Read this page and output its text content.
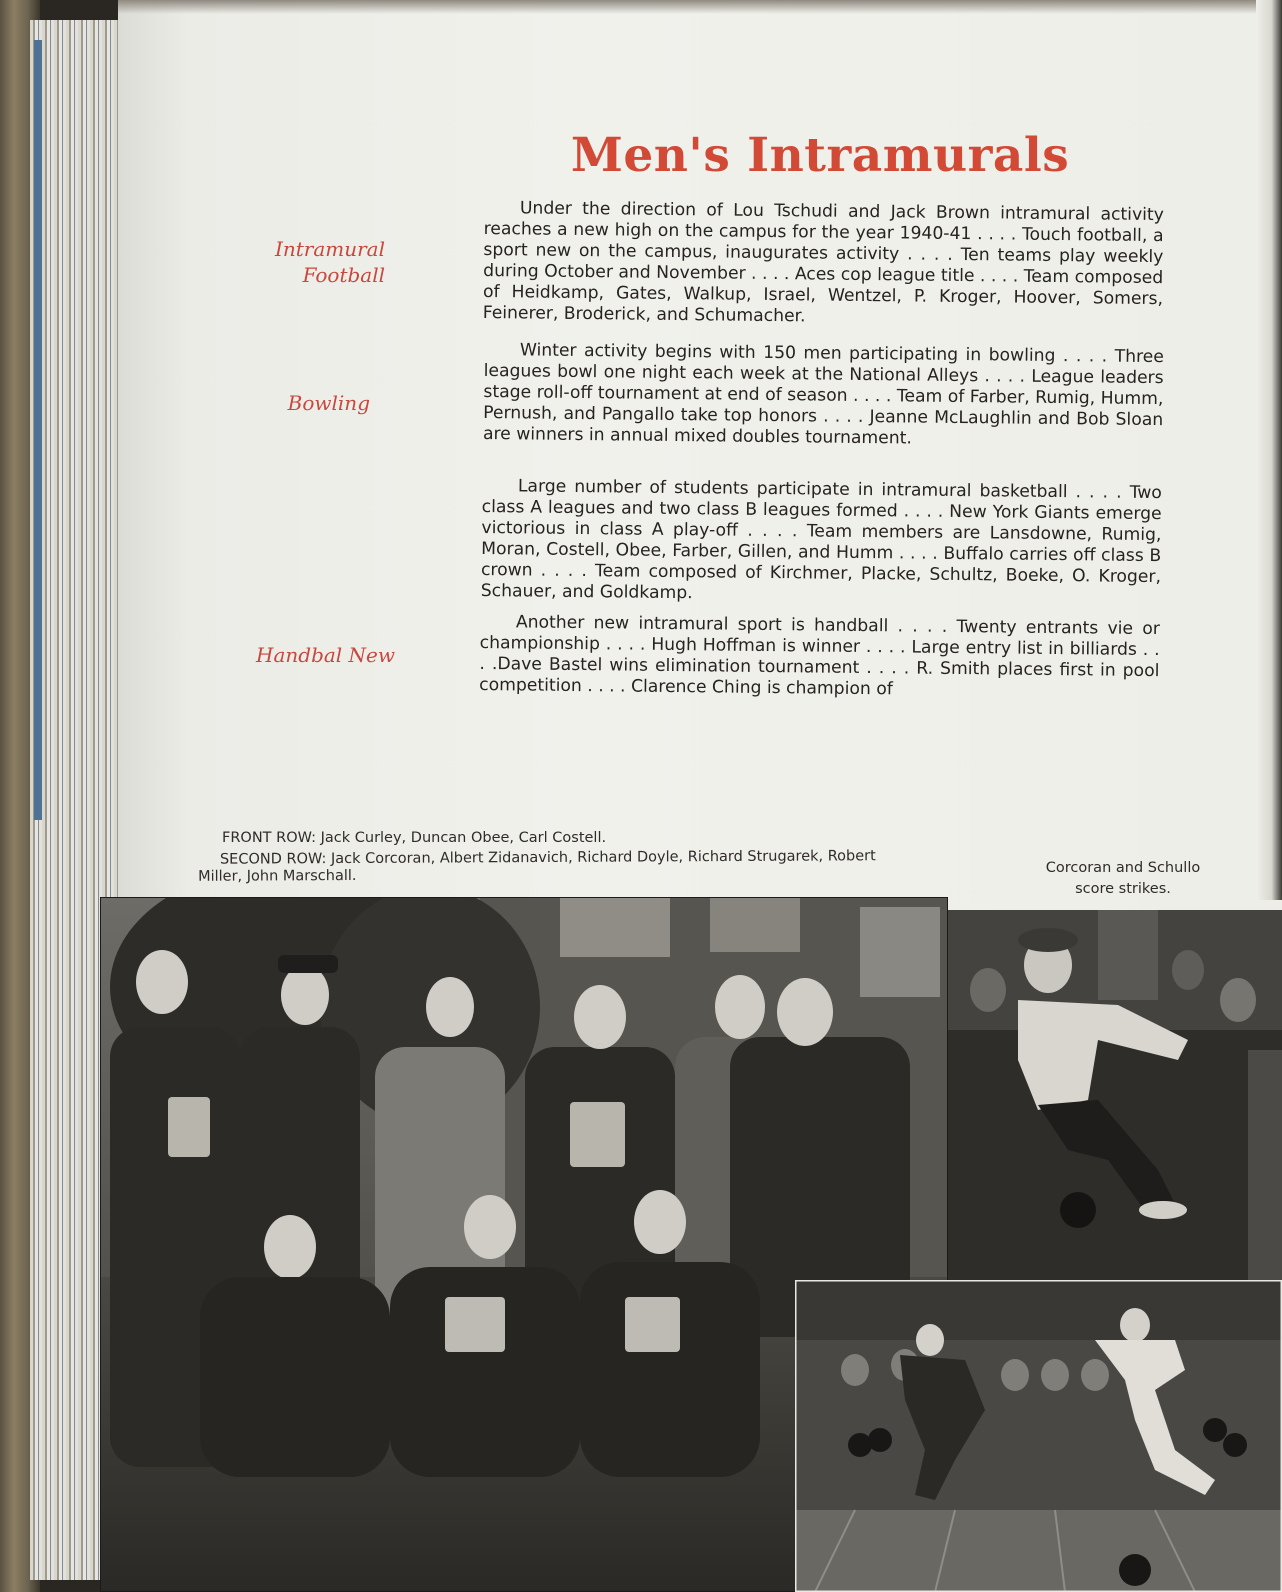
Men's Intramurals
Intramural Football
Bowling
Handbal New
Under the direction of Lou Tschudi and Jack Brown intramural activity reaches a new high on the campus for the year 1940-41 . . . . Touch football, a sport new on the campus, inaugurates activity . . . . Ten teams play weekly during October and November . . . . Aces cop league title . . . . Team composed of Heidkamp, Gates, Walkup, Israel, Wentzel, P. Kroger, Hoover, Somers, Feinerer, Broderick, and Schumacher.
Winter activity begins with 150 men participating in bowling . . . . Three leagues bowl one night each week at the National Alleys . . . . League leaders stage roll-off tournament at end of season . . . . Team of Farber, Rumig, Humm, Pernush, and Pangallo take top honors . . . . Jeanne McLaughlin and Bob Sloan are winners in annual mixed doubles tournament.
Large number of students participate in intramural basketball . . . . Two class A leagues and two class B leagues formed . . . . New York Giants emerge victorious in class A play-off . . . . Team members are Lansdowne, Rumig, Moran, Costell, Obee, Farber, Gillen, and Humm . . . . Buffalo carries off class B crown . . . . Team composed of Kirchmer, Placke, Schultz, Boeke, O. Kroger, Schauer, and Goldkamp.
Another new intramural sport is handball . . . . Twenty entrants vie or championship . . . . Hugh Hoffman is winner . . . . Large entry list in billiards . . . .Dave Bastel wins elimination tournament . . . . R. Smith places first in pool competition . . . . Clarence Ching is champion of
FRONT ROW: Jack Curley, Duncan Obee, Carl Costell.
SECOND ROW: Jack Corcoran, Albert Zidanavich, Richard Doyle, Richard Strugarek, Robert Miller, John Marschall.	Corcoran and Schullo score strikes.
